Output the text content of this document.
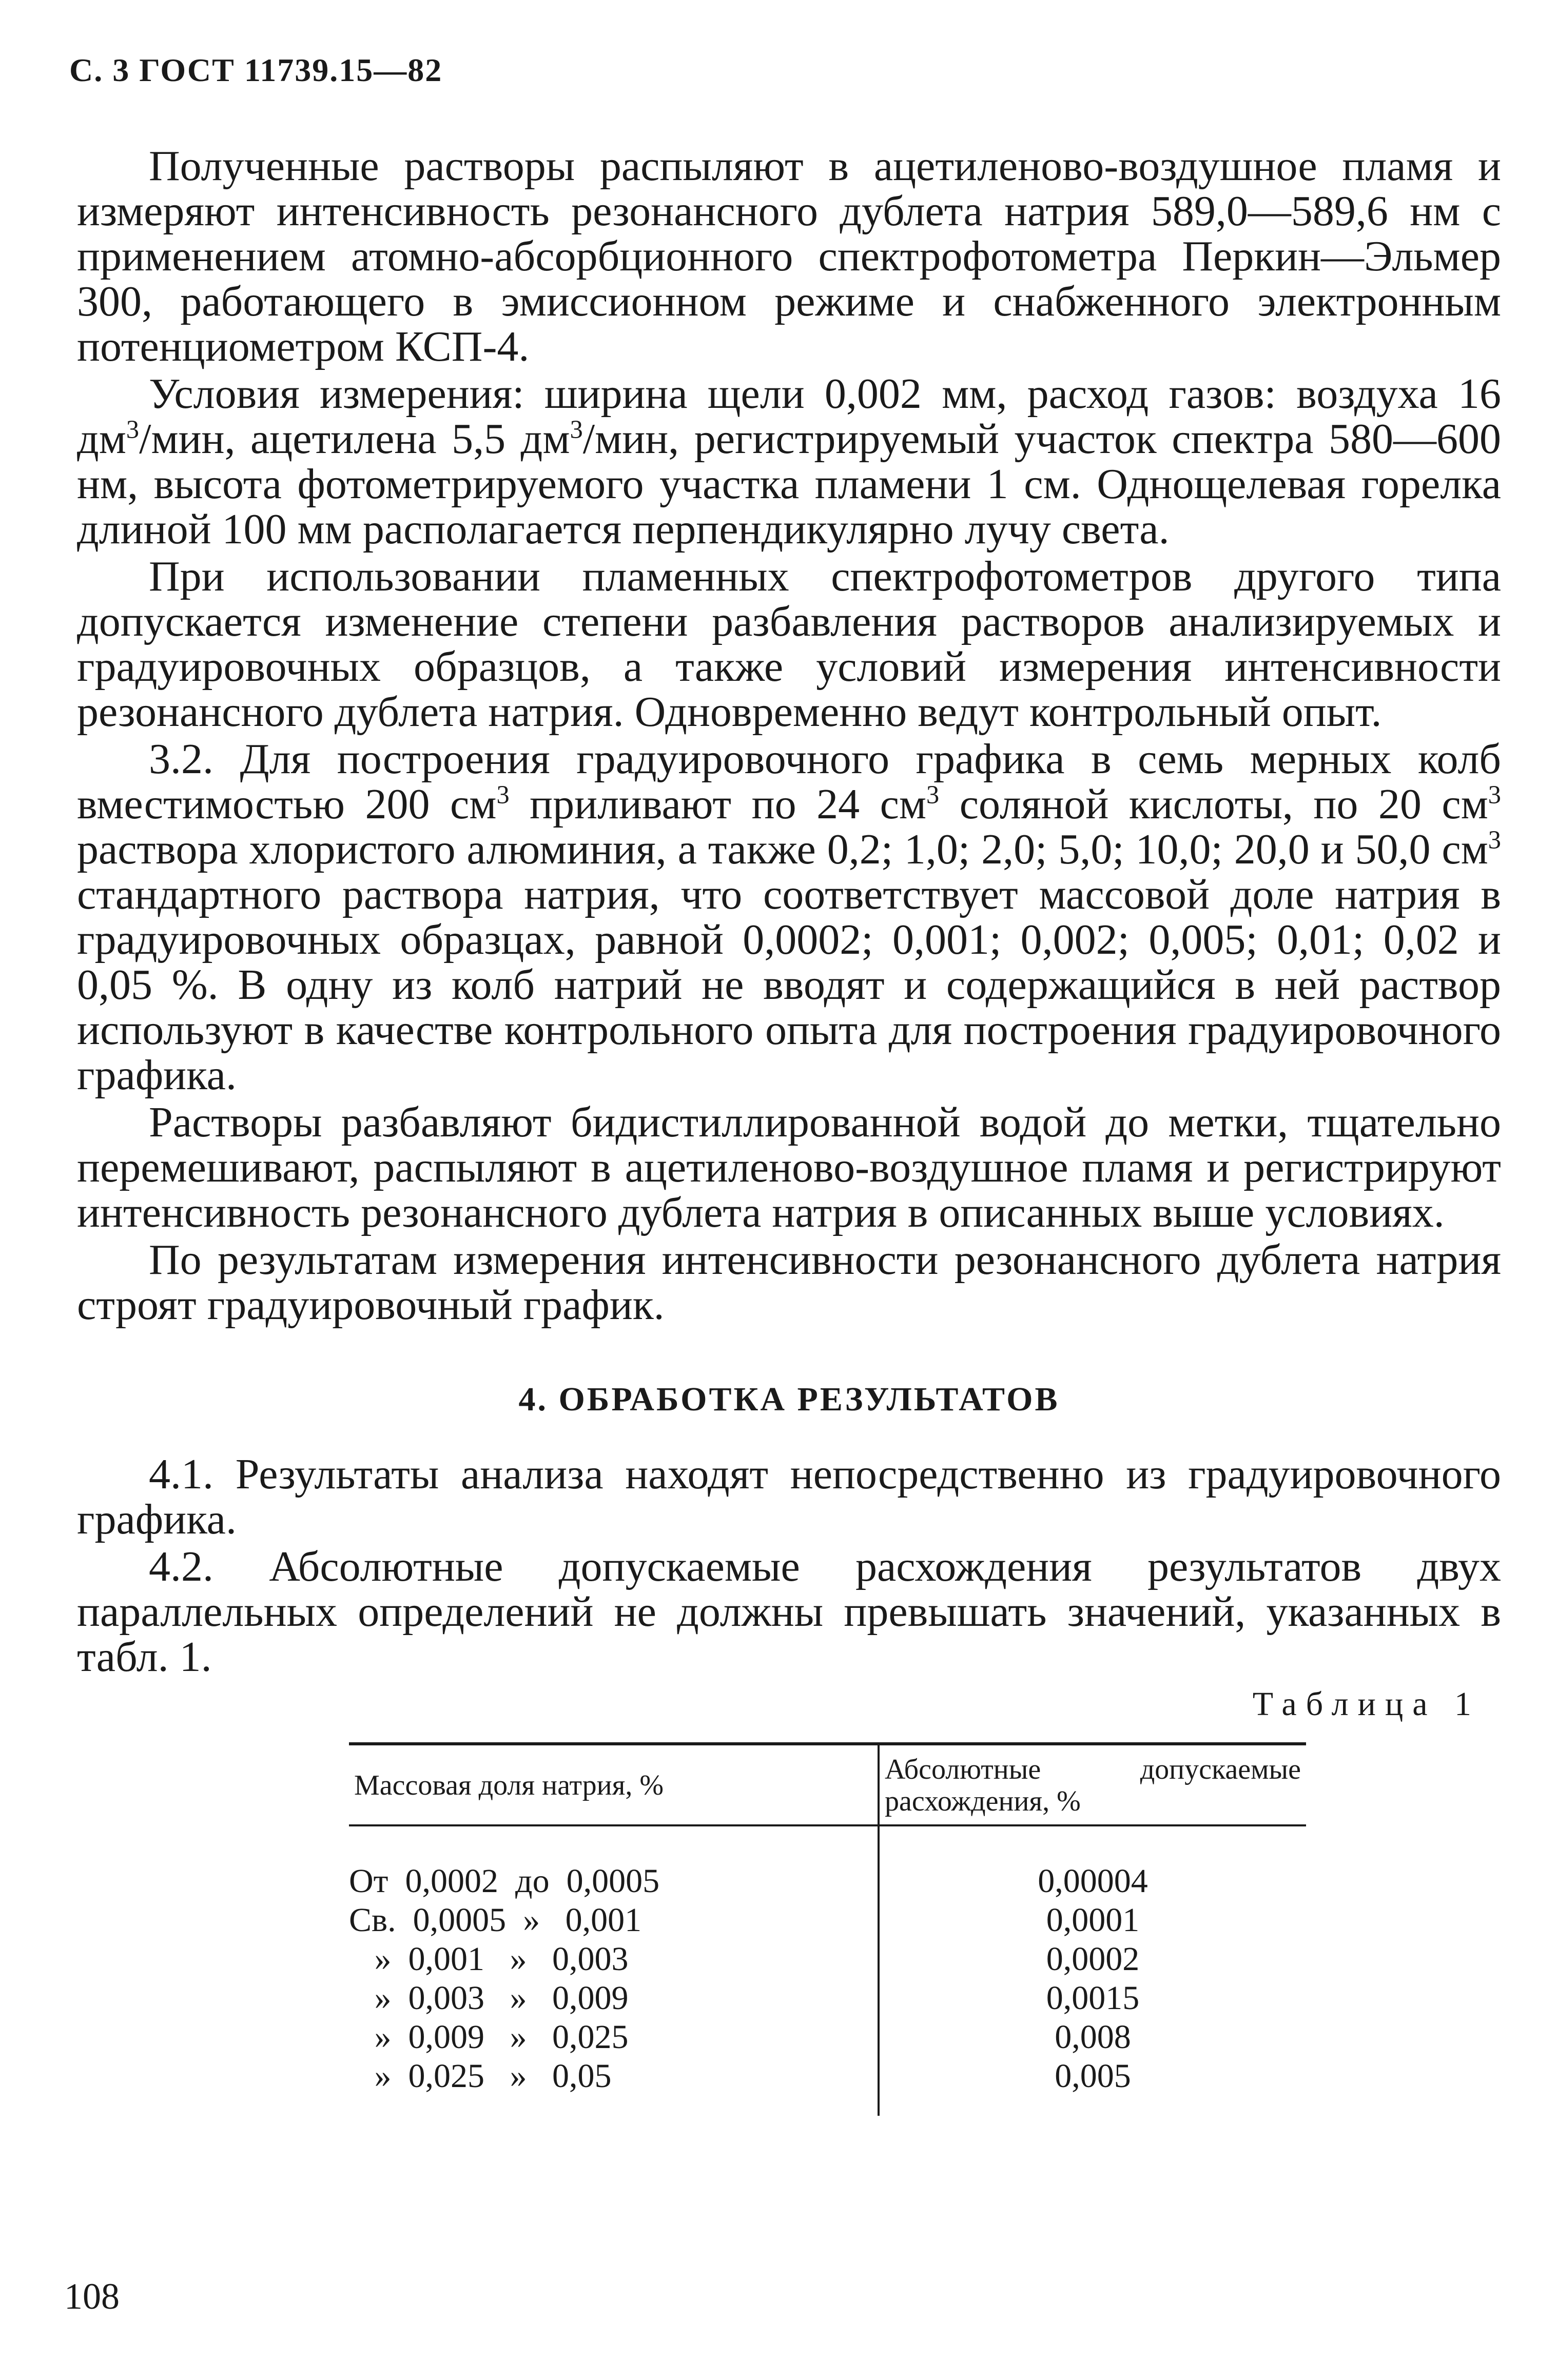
С. 3 ГОСТ 11739.15—82

Полученные растворы распыляют в ацетиленово-воздушное пламя и измеряют интенсивность резонансного дублета натрия 589,0—589,6 нм с применением атомно-абсорбционного спектрофотометра Перкин—Эльмер 300, работающего в эмиссионном режиме и снабженного электронным потенциометром КСП-4.

Условия измерения: ширина щели 0,002 мм, расход газов: воздуха 16 $дм^3$/мин, ацетилена 5,5 $дм^3$/мин, регистрируемый участок спектра 580—600 нм, высота фотометрируемого участка пламени 1 см. Однощелевая горелка длиной 100 мм располагается перпендикулярно лучу света.

При использовании пламенных спектрофотометров другого типа допускается изменение степени разбавления растворов анализируемых и градуировочных образцов, а также условий измерения интенсивности резонансного дублета натрия. Одновременно ведут контрольный опыт.

3.2. Для построения градуировочного графика в семь мерных колб вместимостью 200 $см^3$ приливают по 24 $см^3$ соляной кислоты, по 20 $см^3$ раствора хлористого алюминия, а также 0,2; 1,0; 2,0; 5,0; 10,0; 20,0 и 50,0 $см^3$ стандартного раствора натрия, что соответствует массовой доле натрия в градуировочных образцах, равной 0,0002; 0,001; 0,002; 0,005; 0,01; 0,02 и 0,05 %. В одну из колб натрий не вводят и содержащийся в ней раствор используют в качестве контрольного опыта для построения градуировочного графика.

Растворы разбавляют бидистиллированной водой до метки, тщательно перемешивают, распыляют в ацетиленово-воздушное пламя и регистрируют интенсивность резонансного дублета натрия в описанных выше условиях.

По результатам измерения интенсивности резонансного дублета натрия строят градуировочный график.

4. ОБРАБОТКА РЕЗУЛЬТАТОВ

4.1. Результаты анализа находят непосредственно из градуировочного графика.

4.2. Абсолютные допускаемые расхождения результатов двух параллельных определений не должны превышать значений, указанных в табл. 1.

Таблица 1
Массовая доля натрия, %	Абсолютные допускаемые расхождения, %
От  0,0002  до  0,0005	0,00004
Св.  0,0005  »   0,001	0,0001
»  0,001   »   0,003	0,0002
»  0,003   »   0,009	0,0015
»  0,009   »   0,025	0,008
»  0,025   »   0,05	0,005
108
